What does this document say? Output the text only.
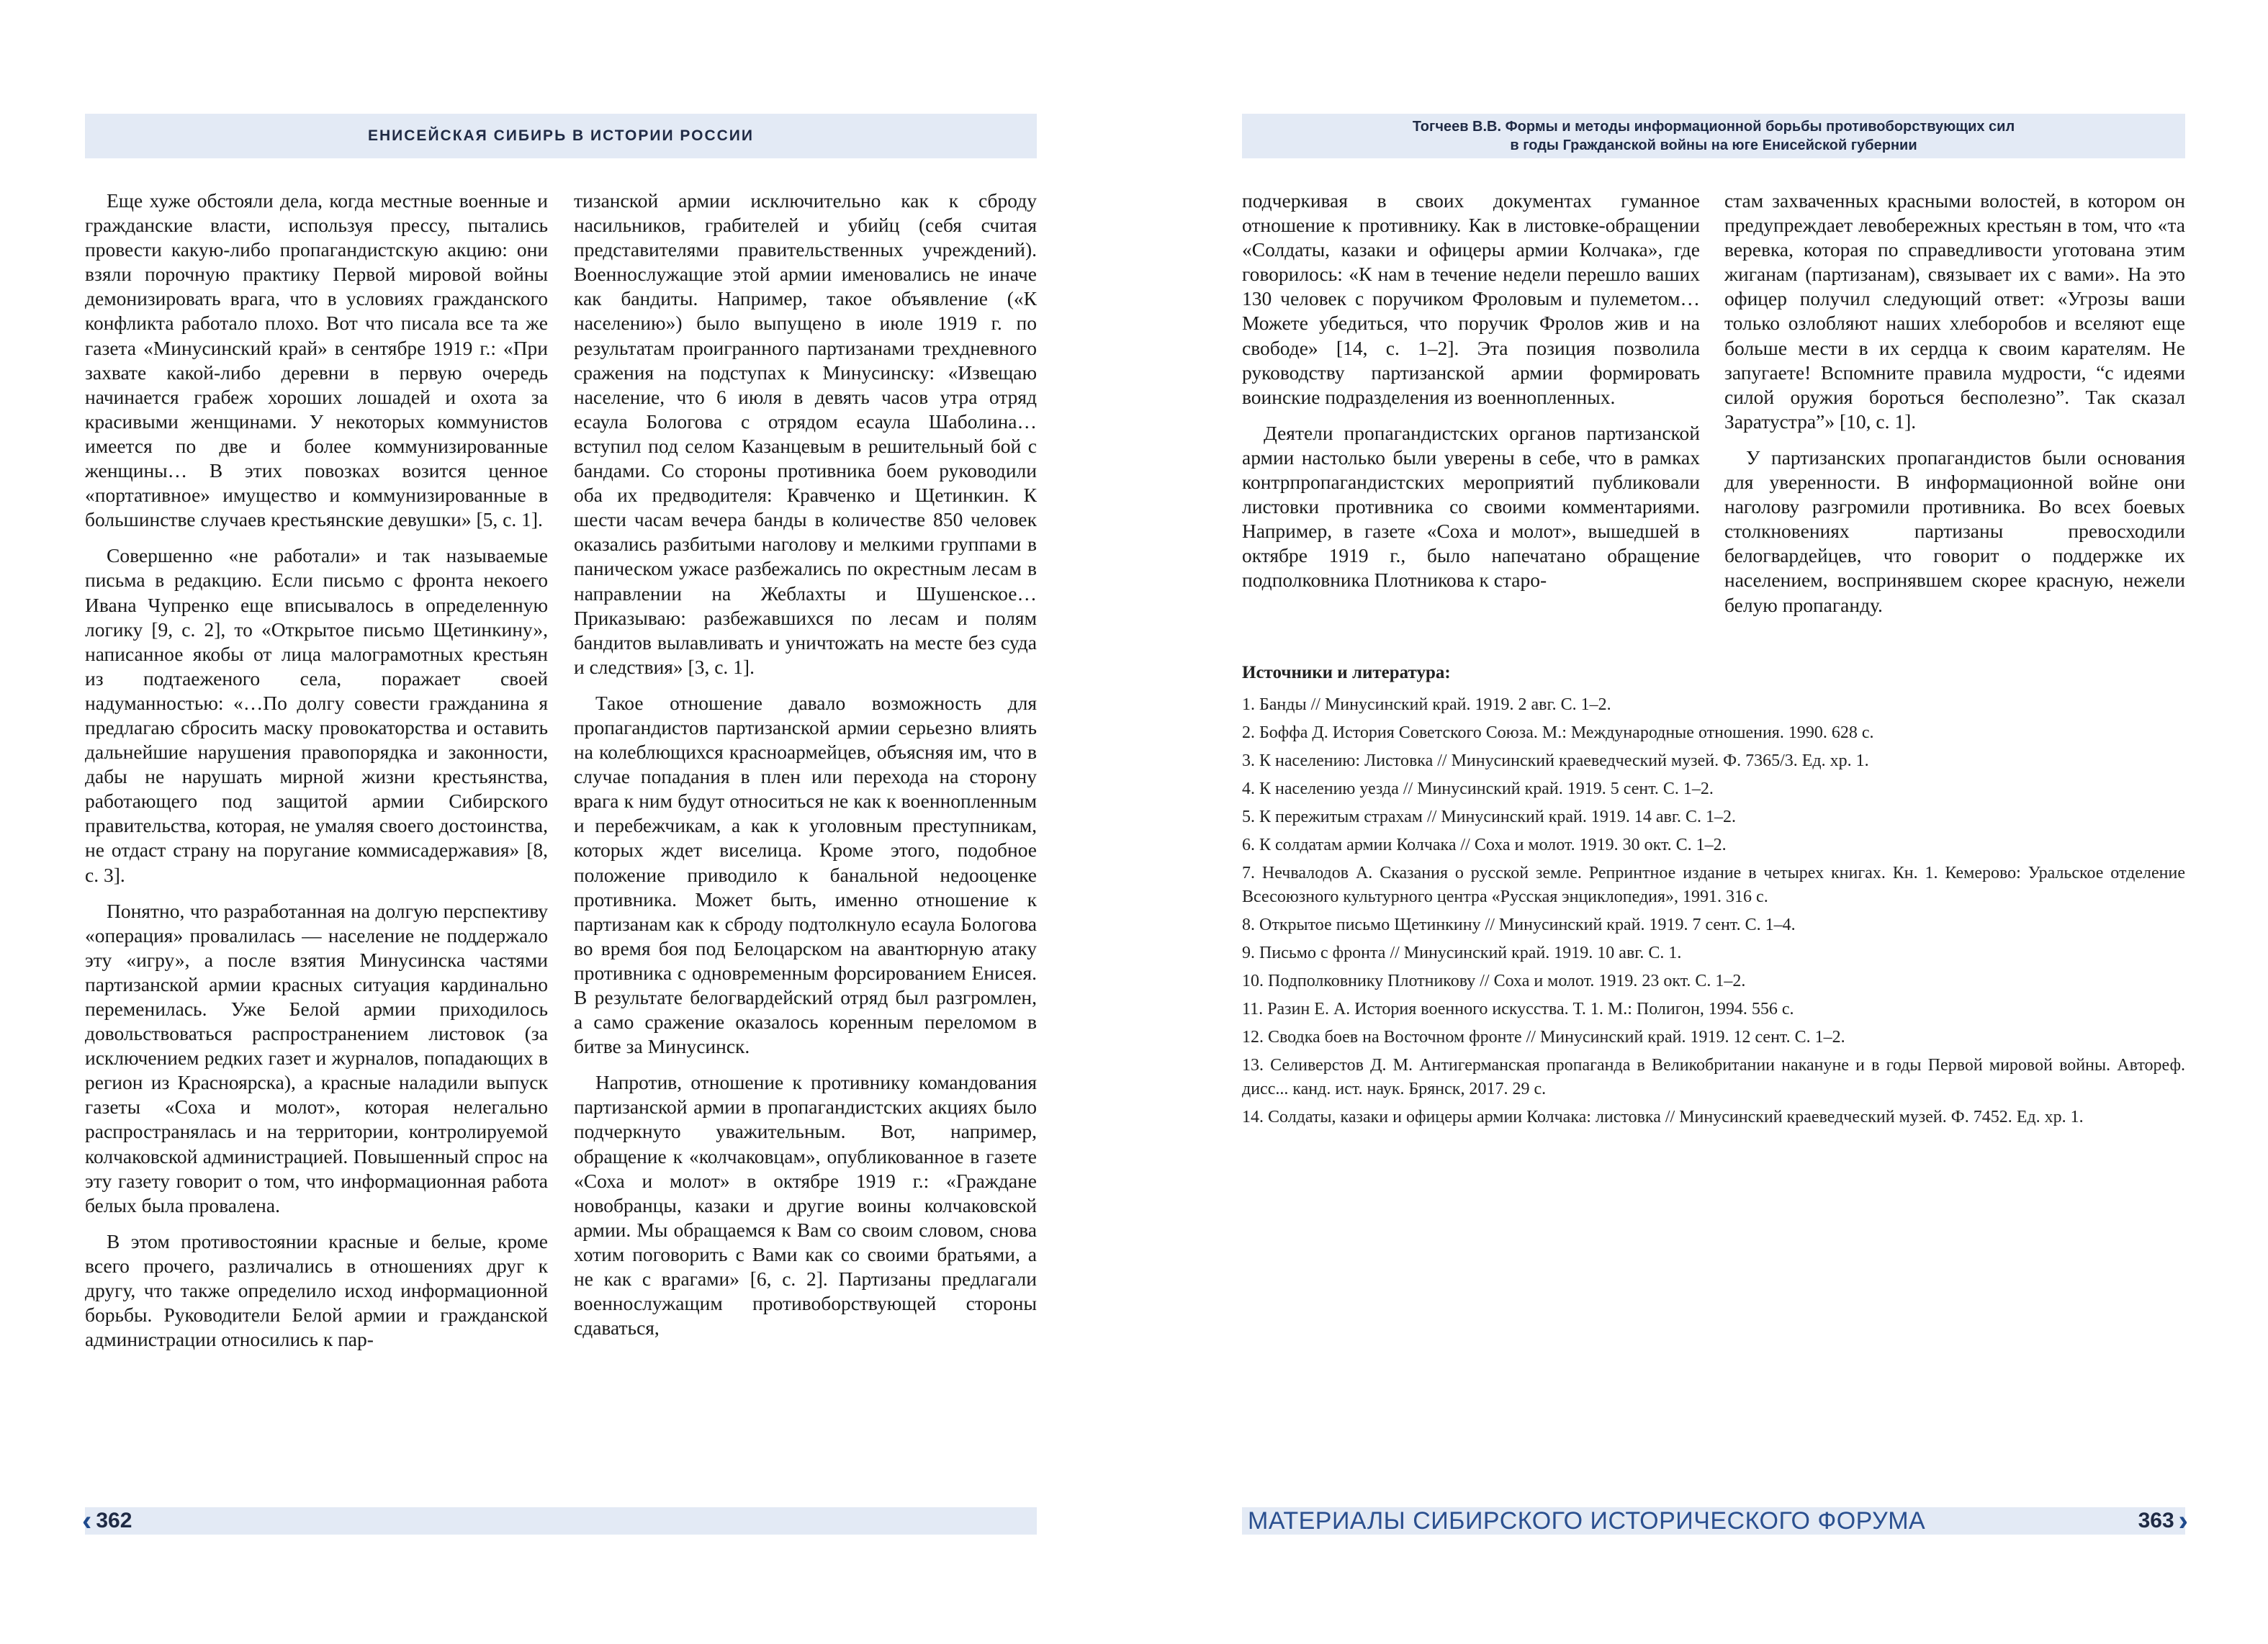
ЕНИСЕЙСКАЯ СИБИРЬ В ИСТОРИИ РОССИИ

Еще хуже обстояли дела, когда местные военные и гражданские власти, используя прессу, пытались провести какую-либо пропагандистскую акцию: они взяли порочную практику Первой мировой войны демонизировать врага, что в условиях гражданского конфликта работало плохо. Вот что писала все та же газета «Минусинский край» в сентябре 1919 г.: «При захвате какой-либо деревни в первую очередь начинается грабеж хороших лошадей и охота за красивыми женщинами. У некоторых коммунистов имеется по две и более коммунизированные женщины… В этих повозках возится ценное «портативное» имущество и коммунизированные в большинстве случаев крестьянские девушки» [5, с. 1].

Совершенно «не работали» и так называемые письма в редакцию. Если письмо с фронта некоего Ивана Чупренко еще вписывалось в определенную логику [9, с. 2], то «Открытое письмо Щетинкину», написанное якобы от лица малограмотных крестьян из подтаеженого села, поражает своей надуманностью: «…По долгу совести гражданина я предлагаю сбросить маску провокаторства и оставить дальнейшие нарушения правопорядка и законности, дабы не нарушать мирной жизни крестьянства, работающего под защитой армии Сибирского правительства, которая, не умаляя своего достоинства, не отдаст страну на поругание коммисадержавия» [8, с. 3].

Понятно, что разработанная на долгую перспективу «операция» провалилась — население не поддержало эту «игру», а после взятия Минусинска частями партизанской армии красных ситуация кардинально переменилась. Уже Белой армии приходилось довольствоваться распространением листовок (за исключением редких газет и журналов, попадающих в регион из Красноярска), а красные наладили выпуск газеты «Соха и молот», которая нелегально распространялась и на территории, контролируемой колчаковской администрацией. Повышенный спрос на эту газету говорит о том, что информационная работа белых была провалена.

В этом противостоянии красные и белые, кроме всего прочего, различались в отношениях друг к другу, что также определило исход информационной борьбы. Руководители Белой армии и гражданской администрации относились к пар-

тизанской армии исключительно как к сброду насильников, грабителей и убийц (себя считая представителями правительственных учреждений). Военнослужащие этой армии именовались не иначе как бандиты. Например, такое объявление («К населению») было выпущено в июле 1919 г. по результатам проигранного партизанами трехдневного сражения на подступах к Минусинску: «Извещаю население, что 6 июля в девять часов утра отряд есаула Бологова с отрядом есаула Шаболина… вступил под селом Казанцевым в решительный бой с бандами. Со стороны противника боем руководили оба их предводителя: Кравченко и Щетинкин. К шести часам вечера банды в количестве 850 человек оказались разбитыми наголову и мелкими группами в паническом ужасе разбежались по окрестным лесам в направлении на Жеблахты и Шушенское… Приказываю: разбежавшихся по лесам и полям бандитов вылавливать и уничтожать на месте без суда и следствия» [3, с. 1].

Такое отношение давало возможность для пропагандистов партизанской армии серьезно влиять на колеблющихся красноармейцев, объясняя им, что в случае попадания в плен или перехода на сторону врага к ним будут относиться не как к военнопленным и перебежчикам, а как к уголовным преступникам, которых ждет виселица. Кроме этого, подобное положение приводило к банальной недооценке противника. Может быть, именно отношение к партизанам как к сброду подтолкнуло есаула Бологова во время боя под Белоцарском на авантюрную атаку противника с одновременным форсированием Енисея. В результате белогвардейский отряд был разгромлен, а само сражение оказалось коренным переломом в битве за Минусинск.

Напротив, отношение к противнику командования партизанской армии в пропагандистских акциях было подчеркнуто уважительным. Вот, например, обращение к «колчаковцам», опубликованное в газете «Соха и молот» в октябре 1919 г.: «Граждане новобранцы, казаки и другие воины колчаковской армии. Мы обращаемся к Вам со своим словом, снова хотим поговорить с Вами как со своими братьями, а не как с врагами» [6, с. 2]. Партизаны предлагали военнослужащим противоборствующей стороны сдаваться,

‹ 362
Тогчеев В.В. Формы и методы информационной борьбы противоборствующих сил
в годы Гражданской войны на юге Енисейской губернии

подчеркивая в своих документах гуманное отношение к противнику. Как в листовке-обращении «Солдаты, казаки и офицеры армии Колчака», где говорилось: «К нам в течение недели перешло ваших 130 человек с поручиком Фроловым и пулеметом… Можете убедиться, что поручик Фролов жив и на свободе» [14, с. 1–2]. Эта позиция позволила руководству партизанской армии формировать воинские подразделения из военнопленных.

Деятели пропагандистских органов партизанской армии настолько были уверены в себе, что в рамках контрпропагандистских мероприятий публиковали листовки противника со своими комментариями. Например, в газете «Соха и молот», вышедшей в октябре 1919 г., было напечатано обращение подполковника Плотникова к старо-

стам захваченных красными волостей, в котором он предупреждает левобережных крестьян в том, что «та веревка, которая по справедливости уготована этим жиганам (партизанам), связывает их с вами». На это офицер получил следующий ответ: «Угрозы ваши только озлобляют наших хлеборобов и вселяют еще больше мести в их сердца к своим карателям. Не запугаете! Вспомните правила мудрости, “с идеями силой оружия бороться бесполезно”. Так сказал Заратустра”» [10, с. 1].

У партизанских пропагандистов были основания для уверенности. В информационной войне они наголову разгромили противника. Во всех боевых столкновениях партизаны превосходили белогвардейцев, что говорит о поддержке их населением, воспринявшем скорее красную, нежели белую пропаганду.

Источники и литература:
1. Банды // Минусинский край. 1919. 2 авг. С. 1–2.
2. Боффа Д. История Советского Союза. М.: Международные отношения. 1990. 628 с.
3. К населению: Листовка // Минусинский краеведческий музей. Ф. 7365/3. Ед. хр. 1.
4. К населению уезда // Минусинский край. 1919. 5 сент. С. 1–2.
5. К пережитым страхам // Минусинский край. 1919. 14 авг. С. 1–2.
6. К солдатам армии Колчака // Соха и молот. 1919. 30 окт. С. 1–2.
7. Нечвалодов А. Сказания о русской земле. Репринтное издание в четырех книгах. Кн. 1. Кемерово: Уральское отделение Всесоюзного культурного центра «Русская энциклопедия», 1991. 316 с.
8. Открытое письмо Щетинкину // Минусинский край. 1919. 7 сент. С. 1–4.
9. Письмо с фронта // Минусинский край. 1919. 10 авг. С. 1.
10. Подполковнику Плотникову // Соха и молот. 1919. 23 окт. С. 1–2.
11. Разин Е. А. История военного искусства. Т. 1. М.: Полигон, 1994. 556 с.
12. Сводка боев на Восточном фронте // Минусинский край. 1919. 12 сент. С. 1–2.
13. Селиверстов Д. М. Антигерманская пропаганда в Великобритании накануне и в годы Первой мировой войны. Автореф. дисс... канд. ист. наук. Брянск, 2017. 29 с.
14. Солдаты, казаки и офицеры армии Колчака: листовка // Минусинский краеведческий музей. Ф. 7452. Ед. хр. 1.
МАТЕРИАЛЫ СИБИРСКОГО ИСТОРИЧЕСКОГО ФОРУМА	363 ›
